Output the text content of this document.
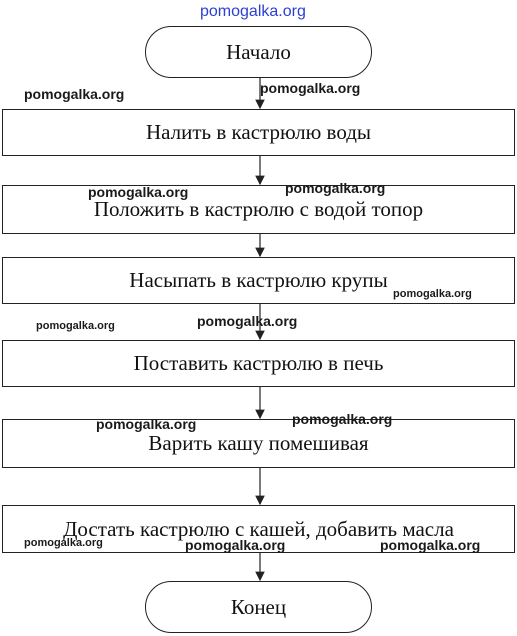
Начало
Налить в кастрюлю воды
Положить в кастрюлю с водой топор
Насыпать в кастрюлю крупы
Поставить кастрюлю в печь
Варить кашу помешивая
Достать кастрюлю с кашей, добавить масла
Конец
pomogalka.org
pomogalka.org	pomogalka.org
pomogalka.org	pomogalka.org
pomogalka.org
pomogalka.org	pomogalka.org
pomogalka.org	pomogalka.org
pomogalka.org	pomogalka.org	pomogalka.org
